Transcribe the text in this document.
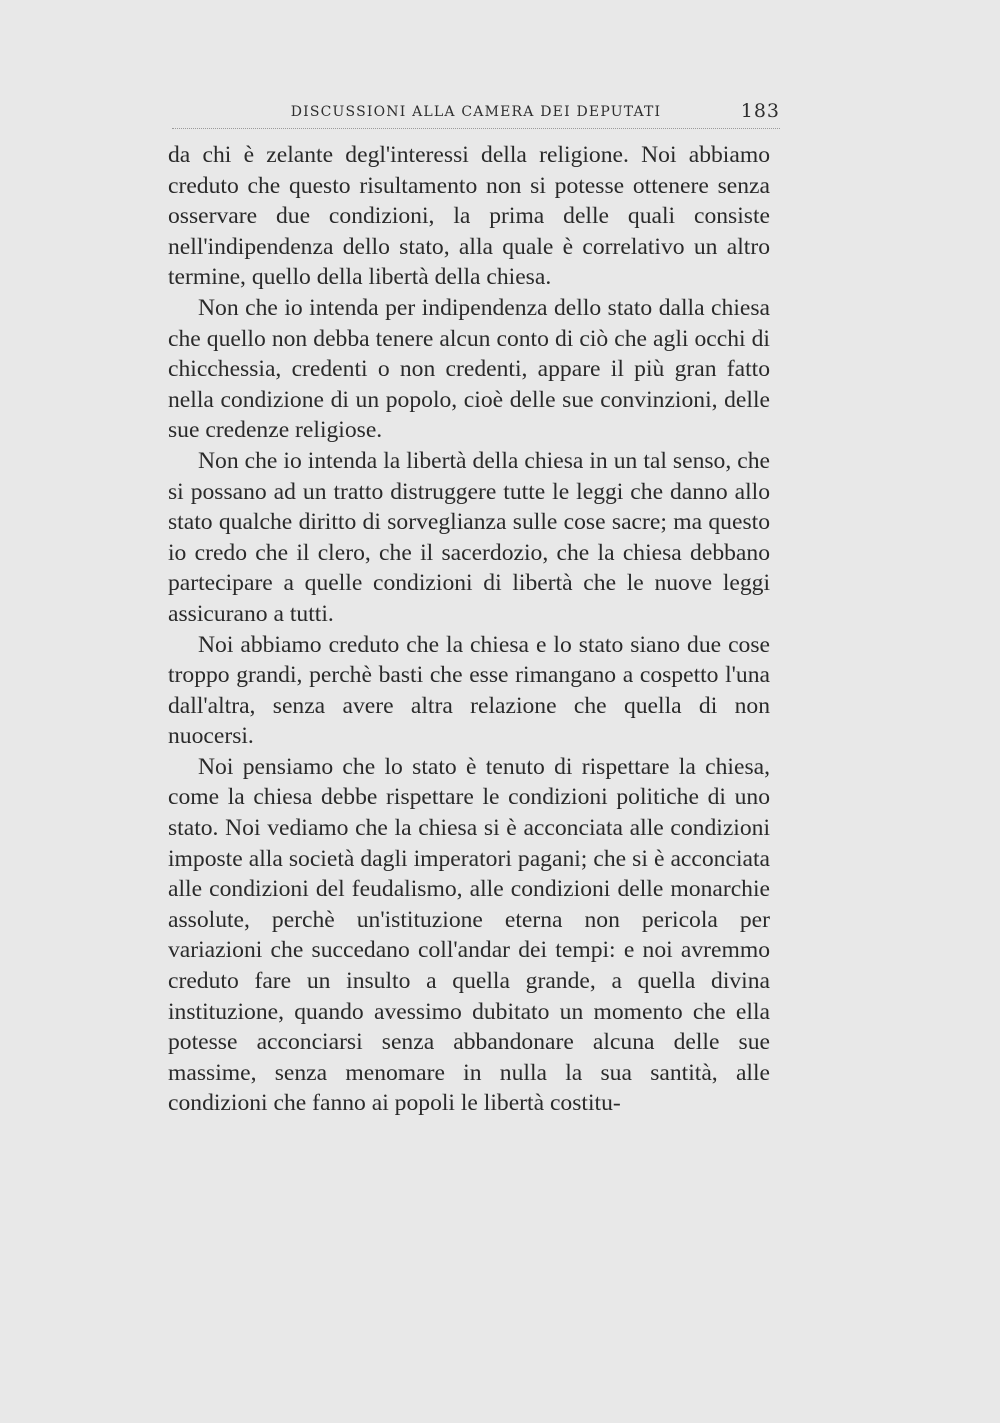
DISCUSSIONI ALLA CAMERA DEI DEPUTATI	183

da chi è zelante degl'interessi della religione. Noi abbiamo creduto che questo risultamento non si potesse ottenere senza osservare due condizioni, la prima delle quali consiste nell'indipendenza dello stato, alla quale è correlativo un altro termine, quello della libertà della chiesa.

Non che io intenda per indipendenza dello stato dalla chiesa che quello non debba tenere alcun conto di ciò che agli occhi di chicchessia, credenti o non credenti, appare il più gran fatto nella condizione di un popolo, cioè delle sue convinzioni, delle sue credenze religiose.

Non che io intenda la libertà della chiesa in un tal senso, che si possano ad un tratto distruggere tutte le leggi che danno allo stato qualche diritto di sorveglianza sulle cose sacre; ma questo io credo che il clero, che il sacerdozio, che la chiesa debbano partecipare a quelle condizioni di libertà che le nuove leggi assicurano a tutti.

Noi abbiamo creduto che la chiesa e lo stato siano due cose troppo grandi, perchè basti che esse rimangano a cospetto l'una dall'altra, senza avere altra relazione che quella di non nuocersi.

Noi pensiamo che lo stato è tenuto di rispettare la chiesa, come la chiesa debbe rispettare le condizioni politiche di uno stato. Noi vediamo che la chiesa si è acconciata alle condizioni imposte alla società dagli imperatori pagani; che si è acconciata alle condizioni del feudalismo, alle condizioni delle monarchie assolute, perchè un'istituzione eterna non pericola per variazioni che succedano coll'andar dei tempi: e noi avremmo creduto fare un insulto a quella grande, a quella divina instituzione, quando avessimo dubitato un momento che ella potesse acconciarsi senza abbandonare alcuna delle sue massime, senza menomare in nulla la sua santità, alle condizioni che fanno ai popoli le libertà costitu-
